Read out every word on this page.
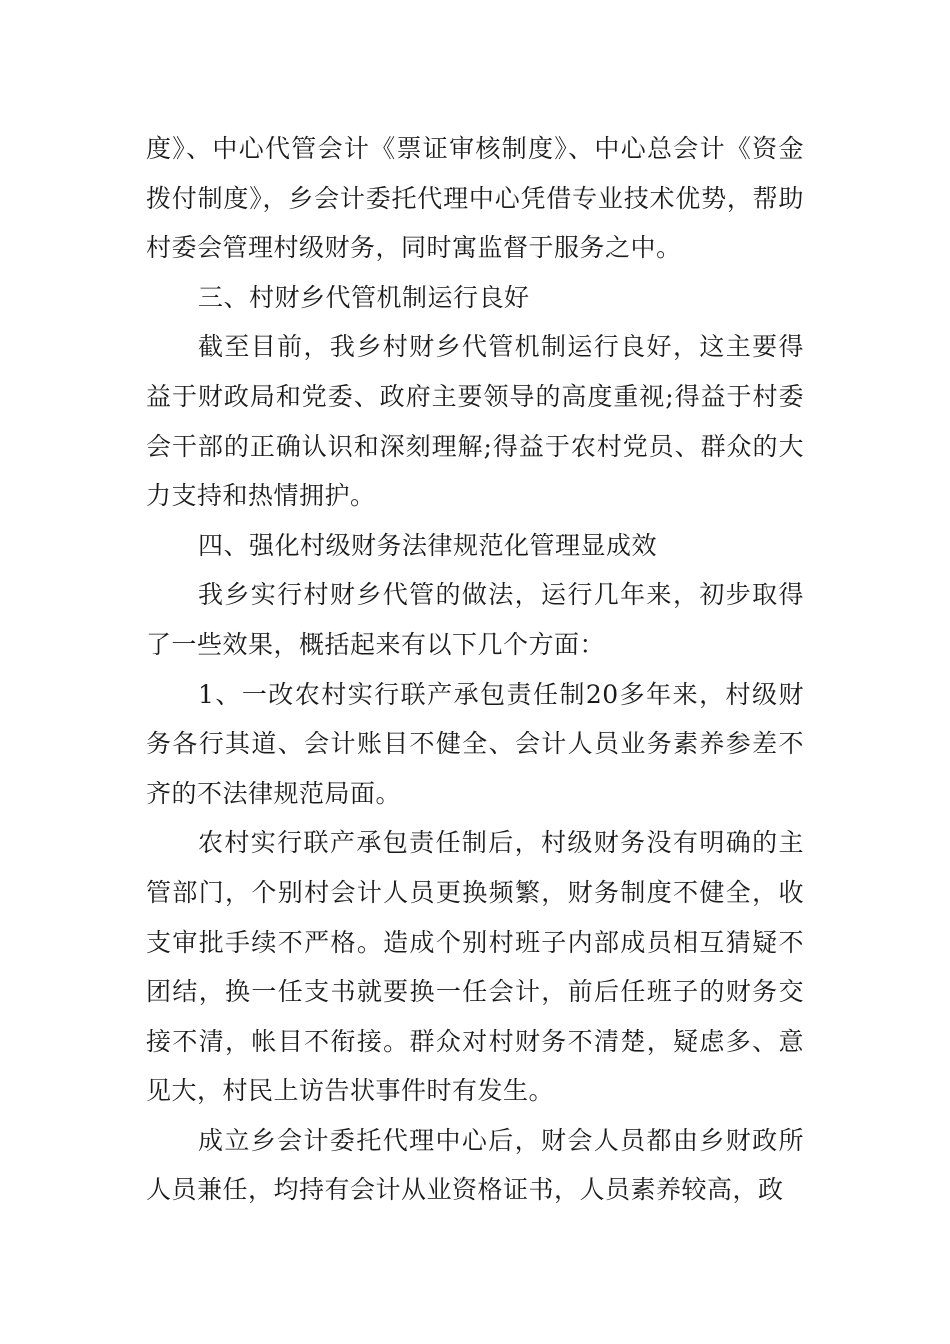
度》、中心代管会计《票证审核制度》、中心总会计《资金拨付制度》，乡会计委托代理中心凭借专业技术优势，帮助村委会管理村级财务，同时寓监督于服务之中。

三、村财乡代管机制运行良好

截至目前，我乡村财乡代管机制运行良好，这主要得益于财政局和党委、政府主要领导的高度重视;得益于村委会干部的正确认识和深刻理解;得益于农村党员、群众的大力支持和热情拥护。

四、强化村级财务法律规范化管理显成效

我乡实行村财乡代管的做法，运行几年来，初步取得了一些效果，概括起来有以下几个方面：

1、一改农村实行联产承包责任制20多年来，村级财务各行其道、会计账目不健全、会计人员业务素养参差不齐的不法律规范局面。

农村实行联产承包责任制后，村级财务没有明确的主管部门，个别村会计人员更换频繁，财务制度不健全，收支审批手续不严格。造成个别村班子内部成员相互猜疑不团结，换一任支书就要换一任会计，前后任班子的财务交接不清，帐目不衔接。群众对村财务不清楚，疑虑多、意见大，村民上访告状事件时有发生。

成立乡会计委托代理中心后，财会人员都由乡财政所人员兼任，均持有会计从业资格证书，人员素养较高，政
